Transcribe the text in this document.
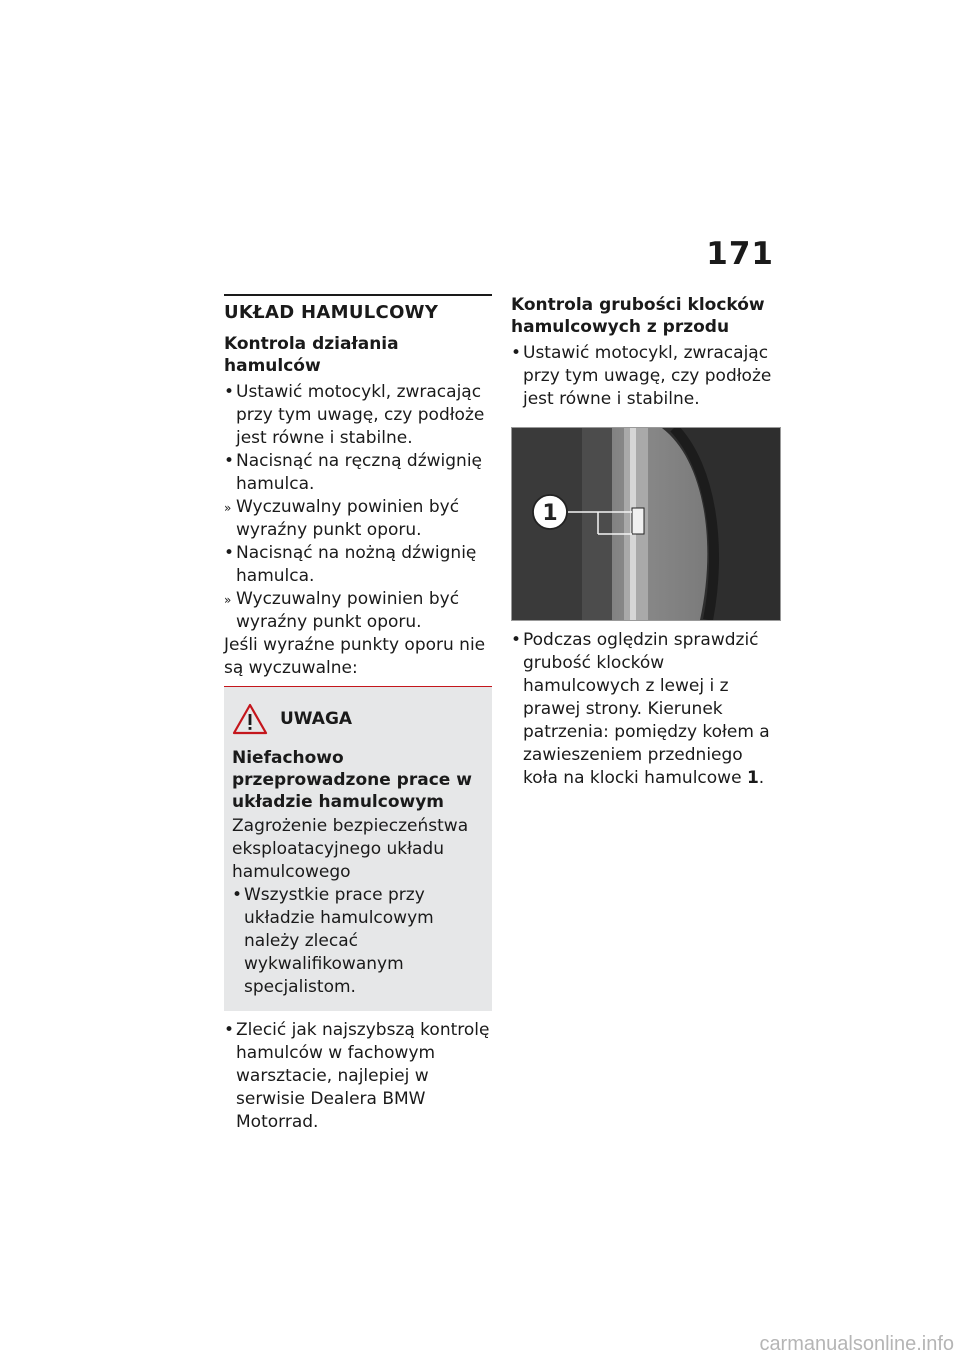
171
UKŁAD HAMULCOWY
Kontrola działania hamulców
• Ustawić motocykl, zwracając przy tym uwagę, czy podłoże jest równe i stabilne.
• Nacisnąć na ręczną dźwignię hamulca.
» Wyczuwalny powinien być wyraźny punkt oporu.
• Nacisnąć na nożną dźwignię hamulca.
» Wyczuwalny powinien być wyraźny punkt oporu.

Jeśli wyraźne punkty oporu nie są wyczuwalne:

UWAGA

Niefachowo przeprowadzone prace w układzie hamulcowym

Zagrożenie bezpieczeństwa eksploatacyjnego układu hamulcowego

• Wszystkie prace przy układzie hamulcowym należy zlecać wykwalifikowanym specjalistom.
• Zlecić jak najszybszą kontrolę hamulców w fachowym warsztacie, najlepiej w serwisie Dealera BMW Motorrad.
Kontrola grubości klocków hamulcowych z przodu
• Ustawić motocykl, zwracając przy tym uwagę, czy podłoże jest równe i stabilne.
1
• Podczas oględzin sprawdzić grubość klocków hamulcowych z lewej i z prawej strony. Kierunek patrzenia: pomiędzy kołem a zawieszeniem przedniego koła na klocki hamulcowe 1.
carmanualsonline.info
